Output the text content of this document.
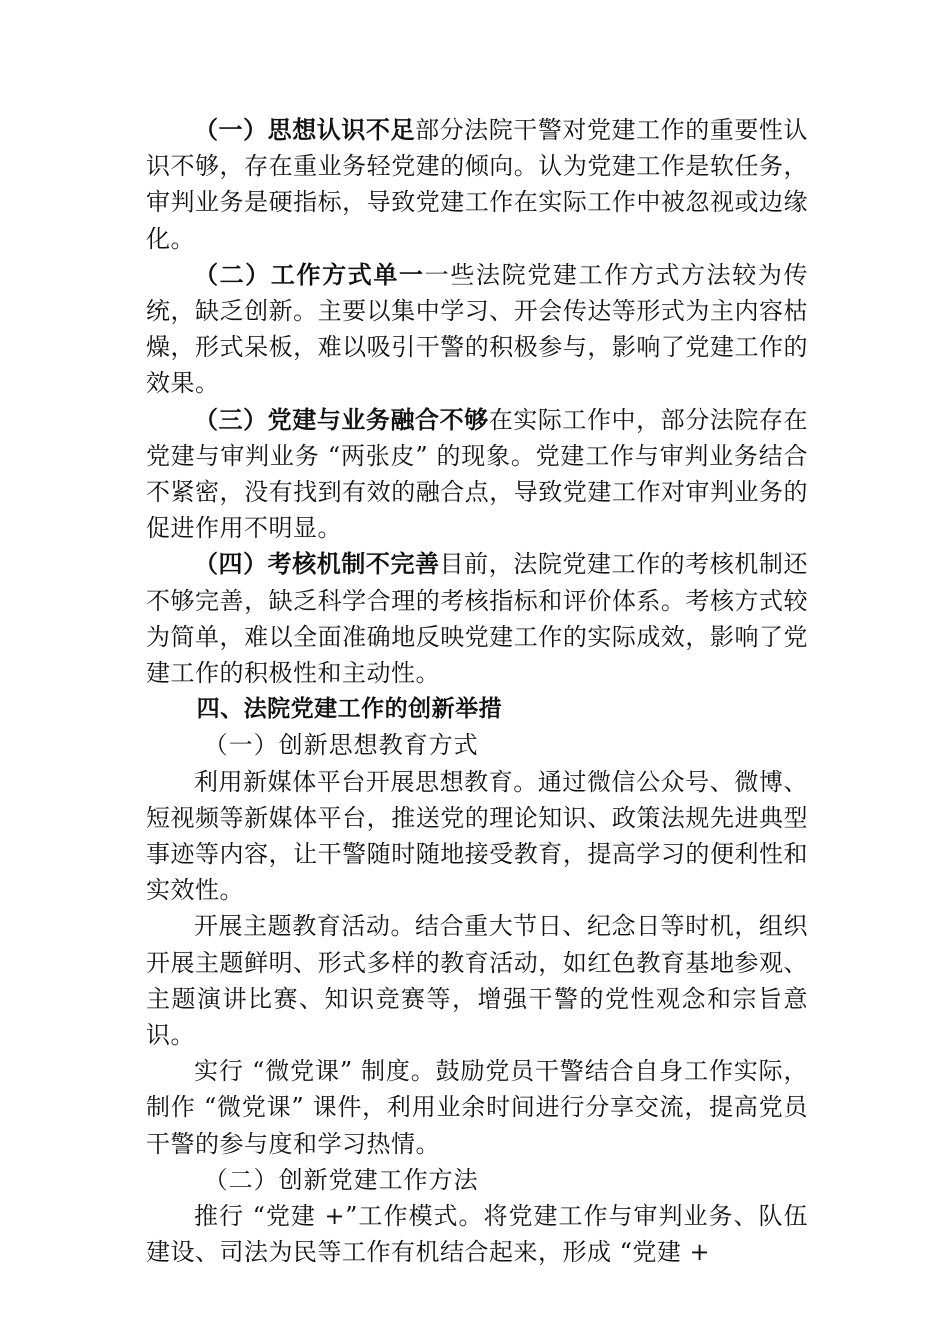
（一）思想认识不足部分法院干警对党建工作的重要性认识不够，存在重业务轻党建的倾向。认为党建工作是软任务，审判业务是硬指标，导致党建工作在实际工作中被忽视或边缘化。

（二）工作方式单一一些法院党建工作方式方法较为传统，缺乏创新。主要以集中学习、开会传达等形式为主内容枯燥，形式呆板，难以吸引干警的积极参与，影响了党建工作的效果。

（三）党建与业务融合不够在实际工作中，部分法院存在党建与审判业务 “两张皮” 的现象。党建工作与审判业务结合不紧密，没有找到有效的融合点，导致党建工作对审判业务的促进作用不明显。

（四）考核机制不完善目前，法院党建工作的考核机制还不够完善，缺乏科学合理的考核指标和评价体系。考核方式较为简单，难以全面准确地反映党建工作的实际成效，影响了党建工作的积极性和主动性。

四、法院党建工作的创新举措

（一）创新思想教育方式

利用新媒体平台开展思想教育。通过微信公众号、微博、短视频等新媒体平台，推送党的理论知识、政策法规先进典型事迹等内容，让干警随时随地接受教育，提高学习的便利性和实效性。

开展主题教育活动。结合重大节日、纪念日等时机，组织开展主题鲜明、形式多样的教育活动，如红色教育基地参观、主题演讲比赛、知识竞赛等，增强干警的党性观念和宗旨意识。

实行 “微党课” 制度。鼓励党员干警结合自身工作实际，制作 “微党课” 课件，利用业余时间进行分享交流，提高党员干警的参与度和学习热情。

（二）创新党建工作方法

推行 “党建 +”工作模式。将党建工作与审判业务、队伍建设、司法为民等工作有机结合起来，形成 “党建 +
